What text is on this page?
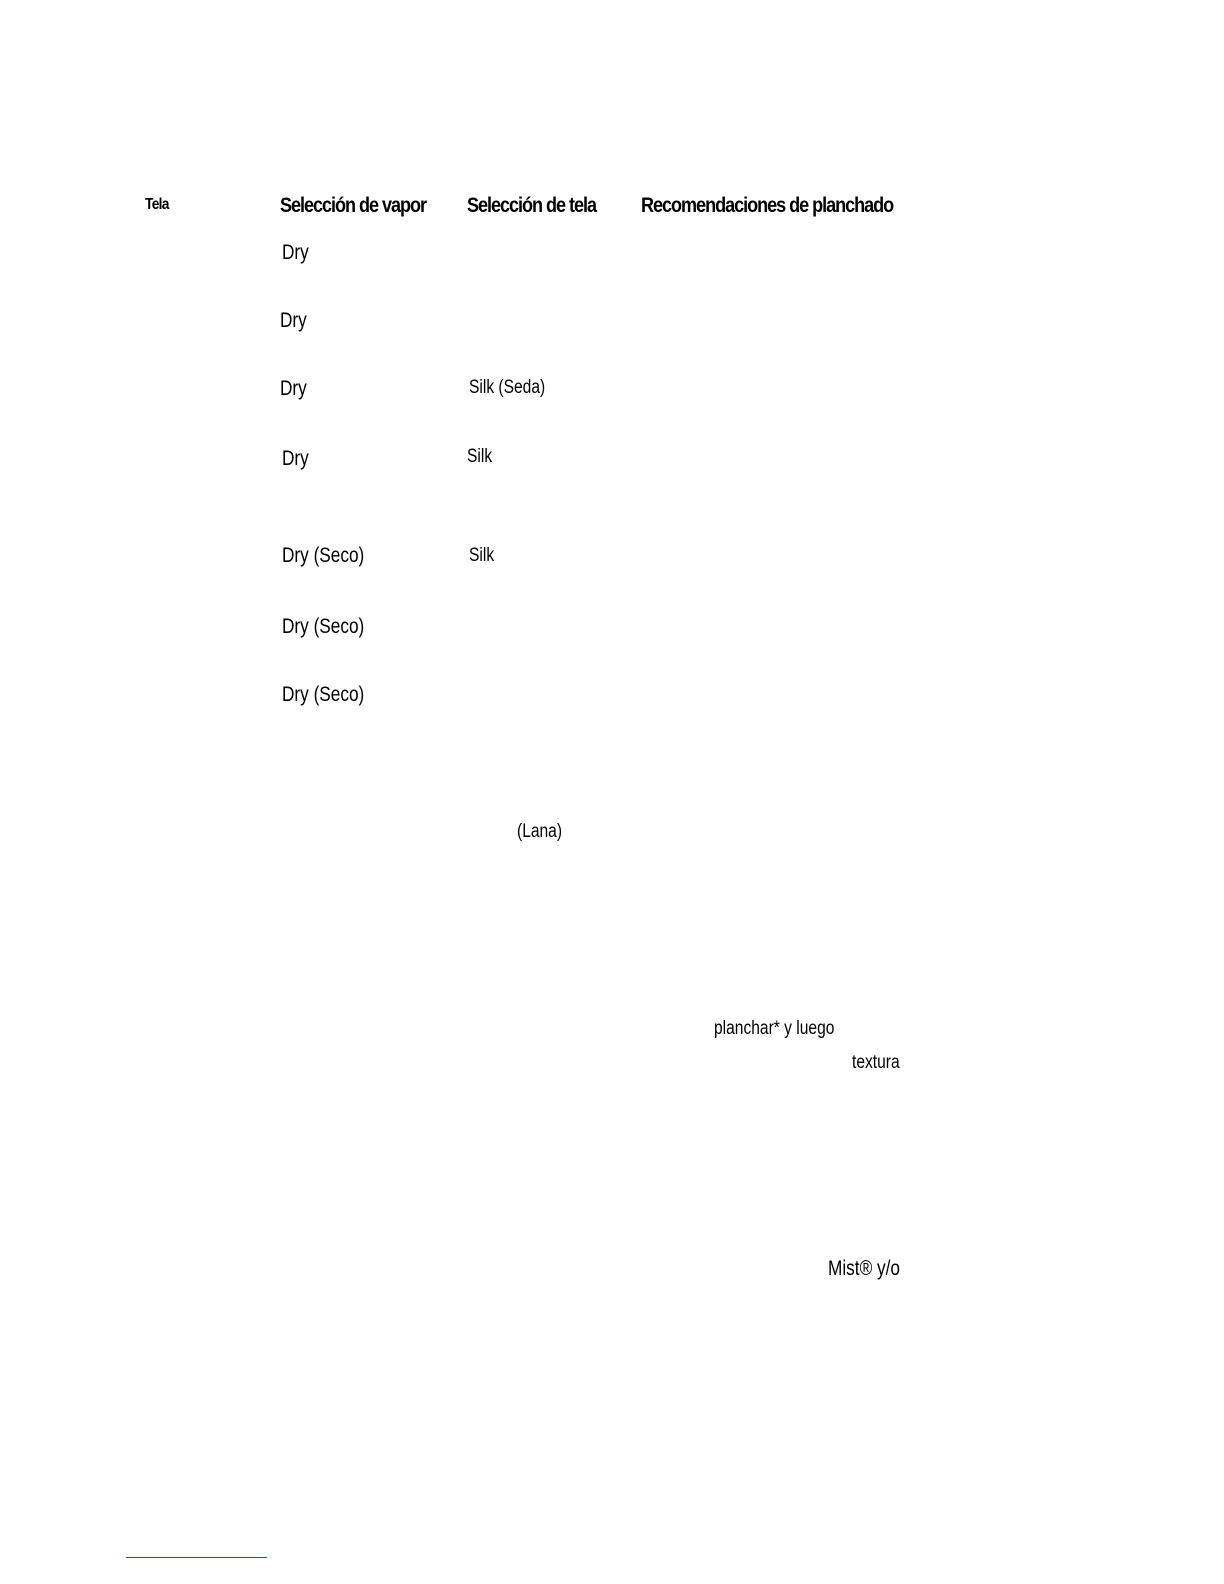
Tela	Selección de vapor Selección de tela Recomendaciones de planchado
Dry
Dry
Dry
Dry
Dry (Seco)
Dry (Seco)
Dry (Seco)
Silk (Seda)
Silk
Silk
(Lana)
planchar* y luego
textura
Mist® y/o
